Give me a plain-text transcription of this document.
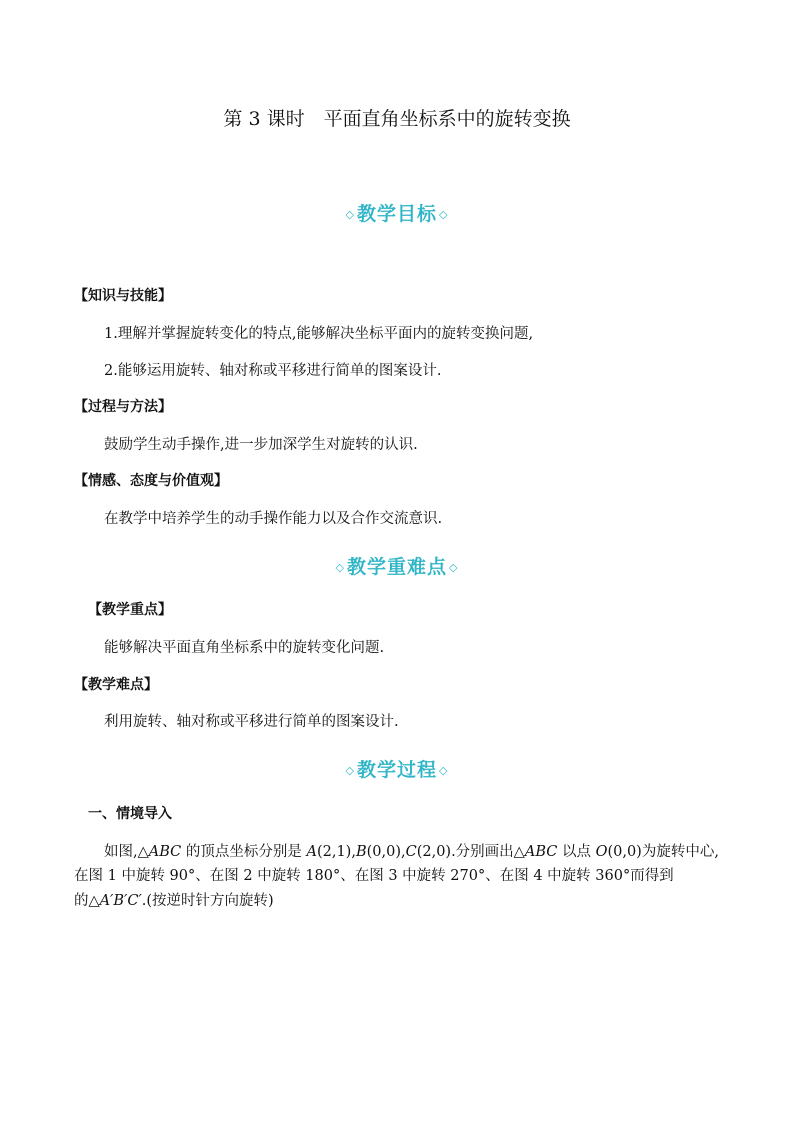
第 3 课时　平面直角坐标系中的旋转变换
◇ 教学目标 ◇
【知识与技能】
1.理解并掌握旋转变化的特点,能够解决坐标平面内的旋转变换问题,
2.能够运用旋转、轴对称或平移进行简单的图案设计.
【过程与方法】
鼓励学生动手操作,进一步加深学生对旋转的认识.
【情感、态度与价值观】
在教学中培养学生的动手操作能力以及合作交流意识.
◇ 教学重难点 ◇
【教学重点】
能够解决平面直角坐标系中的旋转变化问题.
【教学难点】
利用旋转、轴对称或平移进行简单的图案设计.
◇ 教学过程 ◇
一、情境导入
如图,△ABC 的顶点坐标分别是 A(2,1),B(0,0),C(2,0).分别画出△ABC 以点 O(0,0)为旋转中心,
在图 1 中旋转 90°、在图 2 中旋转 180°、在图 3 中旋转 270°、在图 4 中旋转 360°而得到
的△A′B′C′.(按逆时针方向旋转)
